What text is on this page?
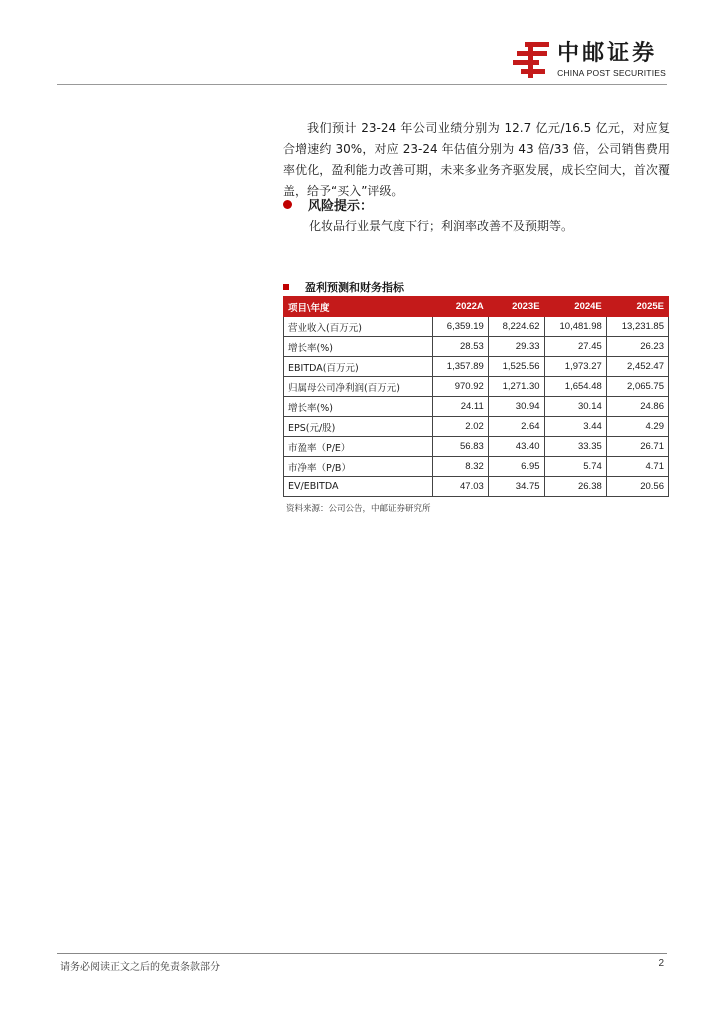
中邮证券
CHINA POST SECURITIES
我们预计 23-24 年公司业绩分别为 12.7 亿元/16.5 亿元，对应复合增速约 30%，对应 23-24 年估值分别为 43 倍/33 倍，公司销售费用率优化，盈利能力改善可期，未来多业务齐驱发展，成长空间大，首次覆盖，给予“买入”评级。
风险提示：
化妆品行业景气度下行；利润率改善不及预期等。
盈利预测和财务指标
项目\年度	2022A	2023E	2024E	2025E
营业收入(百万元)	6,359.19	8,224.62	10,481.98	13,231.85
增长率(%)	28.53	29.33	27.45	26.23
EBITDA(百万元)	1,357.89	1,525.56	1,973.27	2,452.47
归属母公司净利润(百万元)	970.92	1,271.30	1,654.48	2,065.75
增长率(%)	24.11	30.94	30.14	24.86
EPS(元/股)	2.02	2.64	3.44	4.29
市盈率（P/E）	56.83	43.40	33.35	26.71
市净率（P/B）	8.32	6.95	5.74	4.71
EV/EBITDA	47.03	34.75	26.38	20.56
资料来源：公司公告，中邮证券研究所
请务必阅读正文之后的免责条款部分	2
